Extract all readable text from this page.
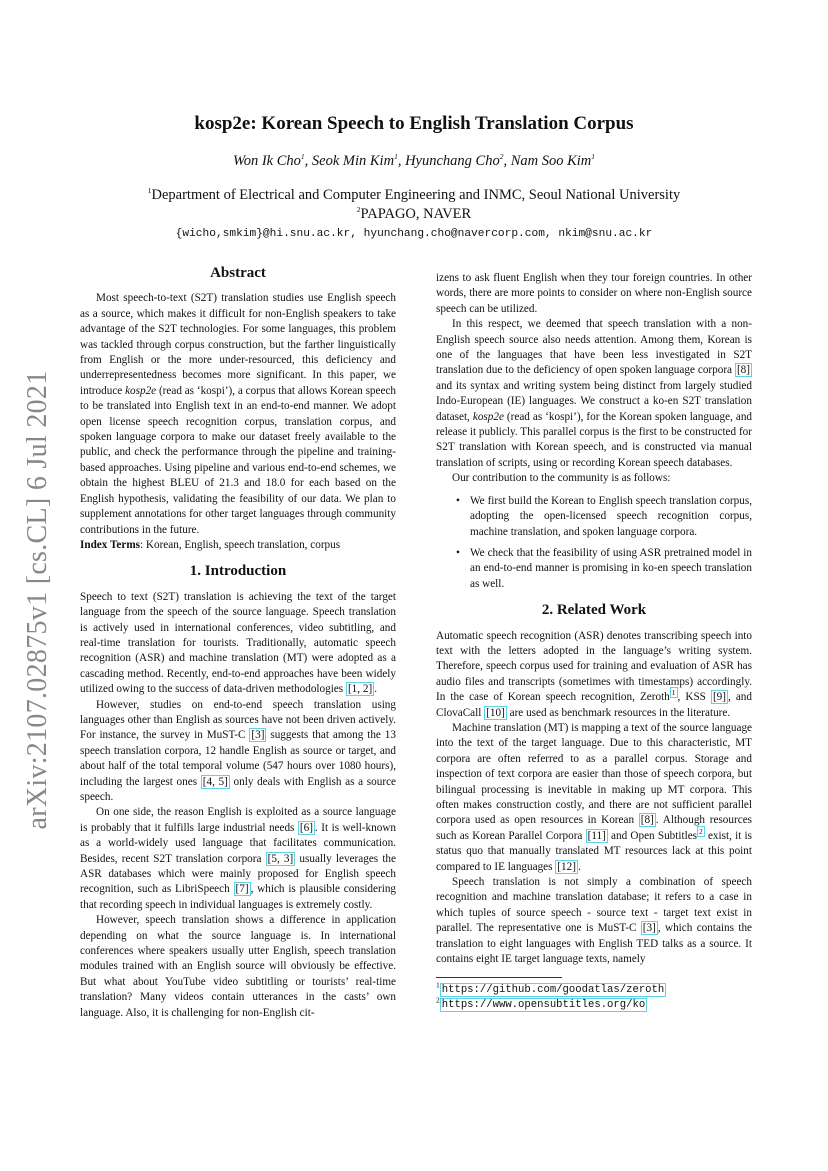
arXiv:2107.02875v1 [cs.CL] 6 Jul 2021
kosp2e: Korean Speech to English Translation Corpus
Won Ik Cho$^1$, Seok Min Kim$^1$, Hyunchang Cho$^2$, Nam Soo Kim$^1$
$^1$Department of Electrical and Computer Engineering and INMC, Seoul National University
$^2$PAPAGO, NAVER
{wicho,smkim}@hi.snu.ac.kr, hyunchang.cho@navercorp.com, nkim@snu.ac.kr
Abstract

Most speech-to-text (S2T) translation studies use English speech as a source, which makes it difficult for non-English speakers to take advantage of the S2T technologies. For some languages, this problem was tackled through corpus construction, but the farther linguistically from English or the more under-resourced, this deficiency and underrepresentedness becomes more significant. In this paper, we introduce kosp2e (read as ‘kospi’), a corpus that allows Korean speech to be translated into English text in an end-to-end manner. We adopt open license speech recognition corpus, translation corpus, and spoken language corpora to make our dataset freely available to the public, and check the performance through the pipeline and training-based approaches. Using pipeline and various end-to-end schemes, we obtain the highest BLEU of 21.3 and 18.0 for each based on the English hypothesis, validating the feasibility of our data. We plan to supplement annotations for other target languages through community contributions in the future.

Index Terms: Korean, English, speech translation, corpus

1. Introduction

Speech to text (S2T) translation is achieving the text of the target language from the speech of the source language. Speech translation is actively used in international conferences, video subtitling, and real-time translation for tourists. Traditionally, automatic speech recognition (ASR) and machine translation (MT) were adopted as a cascading method. Recently, end-to-end approaches have been widely utilized owing to the success of data-driven methodologies [1, 2] .

However, studies on end-to-end speech translation using languages other than English as sources have not been driven actively. For instance, the survey in MuST-C [3] suggests that among the 13 speech translation corpora, 12 handle English as source or target, and about half of the total temporal volume (547 hours over 1080 hours), including the largest ones [4, 5] only deals with English as a source speech.

On one side, the reason English is exploited as a source language is probably that it fulfills large industrial needs [6] . It is well-known as a world-widely used language that facilitates communication. Besides, recent S2T translation corpora [5, 3] usually leverages the ASR databases which were mainly proposed for English speech recognition, such as LibriSpeech [7] , which is plausible considering that recording speech in individual languages is extremely costly.

However, speech translation shows a difference in application depending on what the source language is. In international conferences where speakers usually utter English, speech translation modules trained with an English source will obviously be effective. But what about YouTube video subtitling or tourists’ real-time translation? Many videos contain utterances in the casts’ own language. Also, it is challenging for non-English cit-

izens to ask fluent English when they tour foreign countries. In other words, there are more points to consider on where non-English source speech can be utilized.

In this respect, we deemed that speech translation with a non-English speech source also needs attention. Among them, Korean is one of the languages that have been less investigated in S2T translation due to the deficiency of open spoken language corpora [8] and its syntax and writing system being distinct from largely studied Indo-European (IE) languages. We construct a ko-en S2T translation dataset, kosp2e (read as ‘kospi’), for the Korean spoken language, and release it publicly. This parallel corpus is the first to be constructed for S2T translation with Korean speech, and is constructed via manual translation of scripts, using or recording Korean speech databases.

Our contribution to the community is as follows:

• We first build the Korean to English speech translation corpus, adopting the open-licensed speech recognition corpus, machine translation, and spoken language corpora.
• We check that the feasibility of using ASR pretrained model in an end-to-end manner is promising in ko-en speech translation as well.
2. Related Work

Automatic speech recognition (ASR) denotes transcribing speech into text with the letters adopted in the language’s writing system. Therefore, speech corpus used for training and evaluation of ASR has audio files and transcripts (sometimes with timestamps) accordingly. In the case of Korean speech recognition, Zeroth $^1$ , KSS [9] , and ClovaCall [10] are used as benchmark resources in the literature.

Machine translation (MT) is mapping a text of the source language into the text of the target language. Due to this characteristic, MT corpora are often referred to as a parallel corpus. Storage and inspection of text corpora are easier than those of speech corpora, but bilingual processing is inevitable in making up MT corpora. This often makes construction costly, and there are not sufficient parallel corpora used as open resources in Korean [8] . Although resources such as Korean Parallel Corpora [11] and Open Subtitles $^2$ exist, it is status quo that manually translated MT resources lack at this point compared to IE languages [12] .

Speech translation is not simply a combination of speech recognition and machine translation database; it refers to a case in which tuples of source speech - source text - target text exist in parallel. The representative one is MuST-C [3] , which contains the translation to eight languages with English TED talks as a source. It contains eight IE target language texts, namely

$^1$ https://github.com/goodatlas/zeroth
$^2$ https://www.opensubtitles.org/ko
